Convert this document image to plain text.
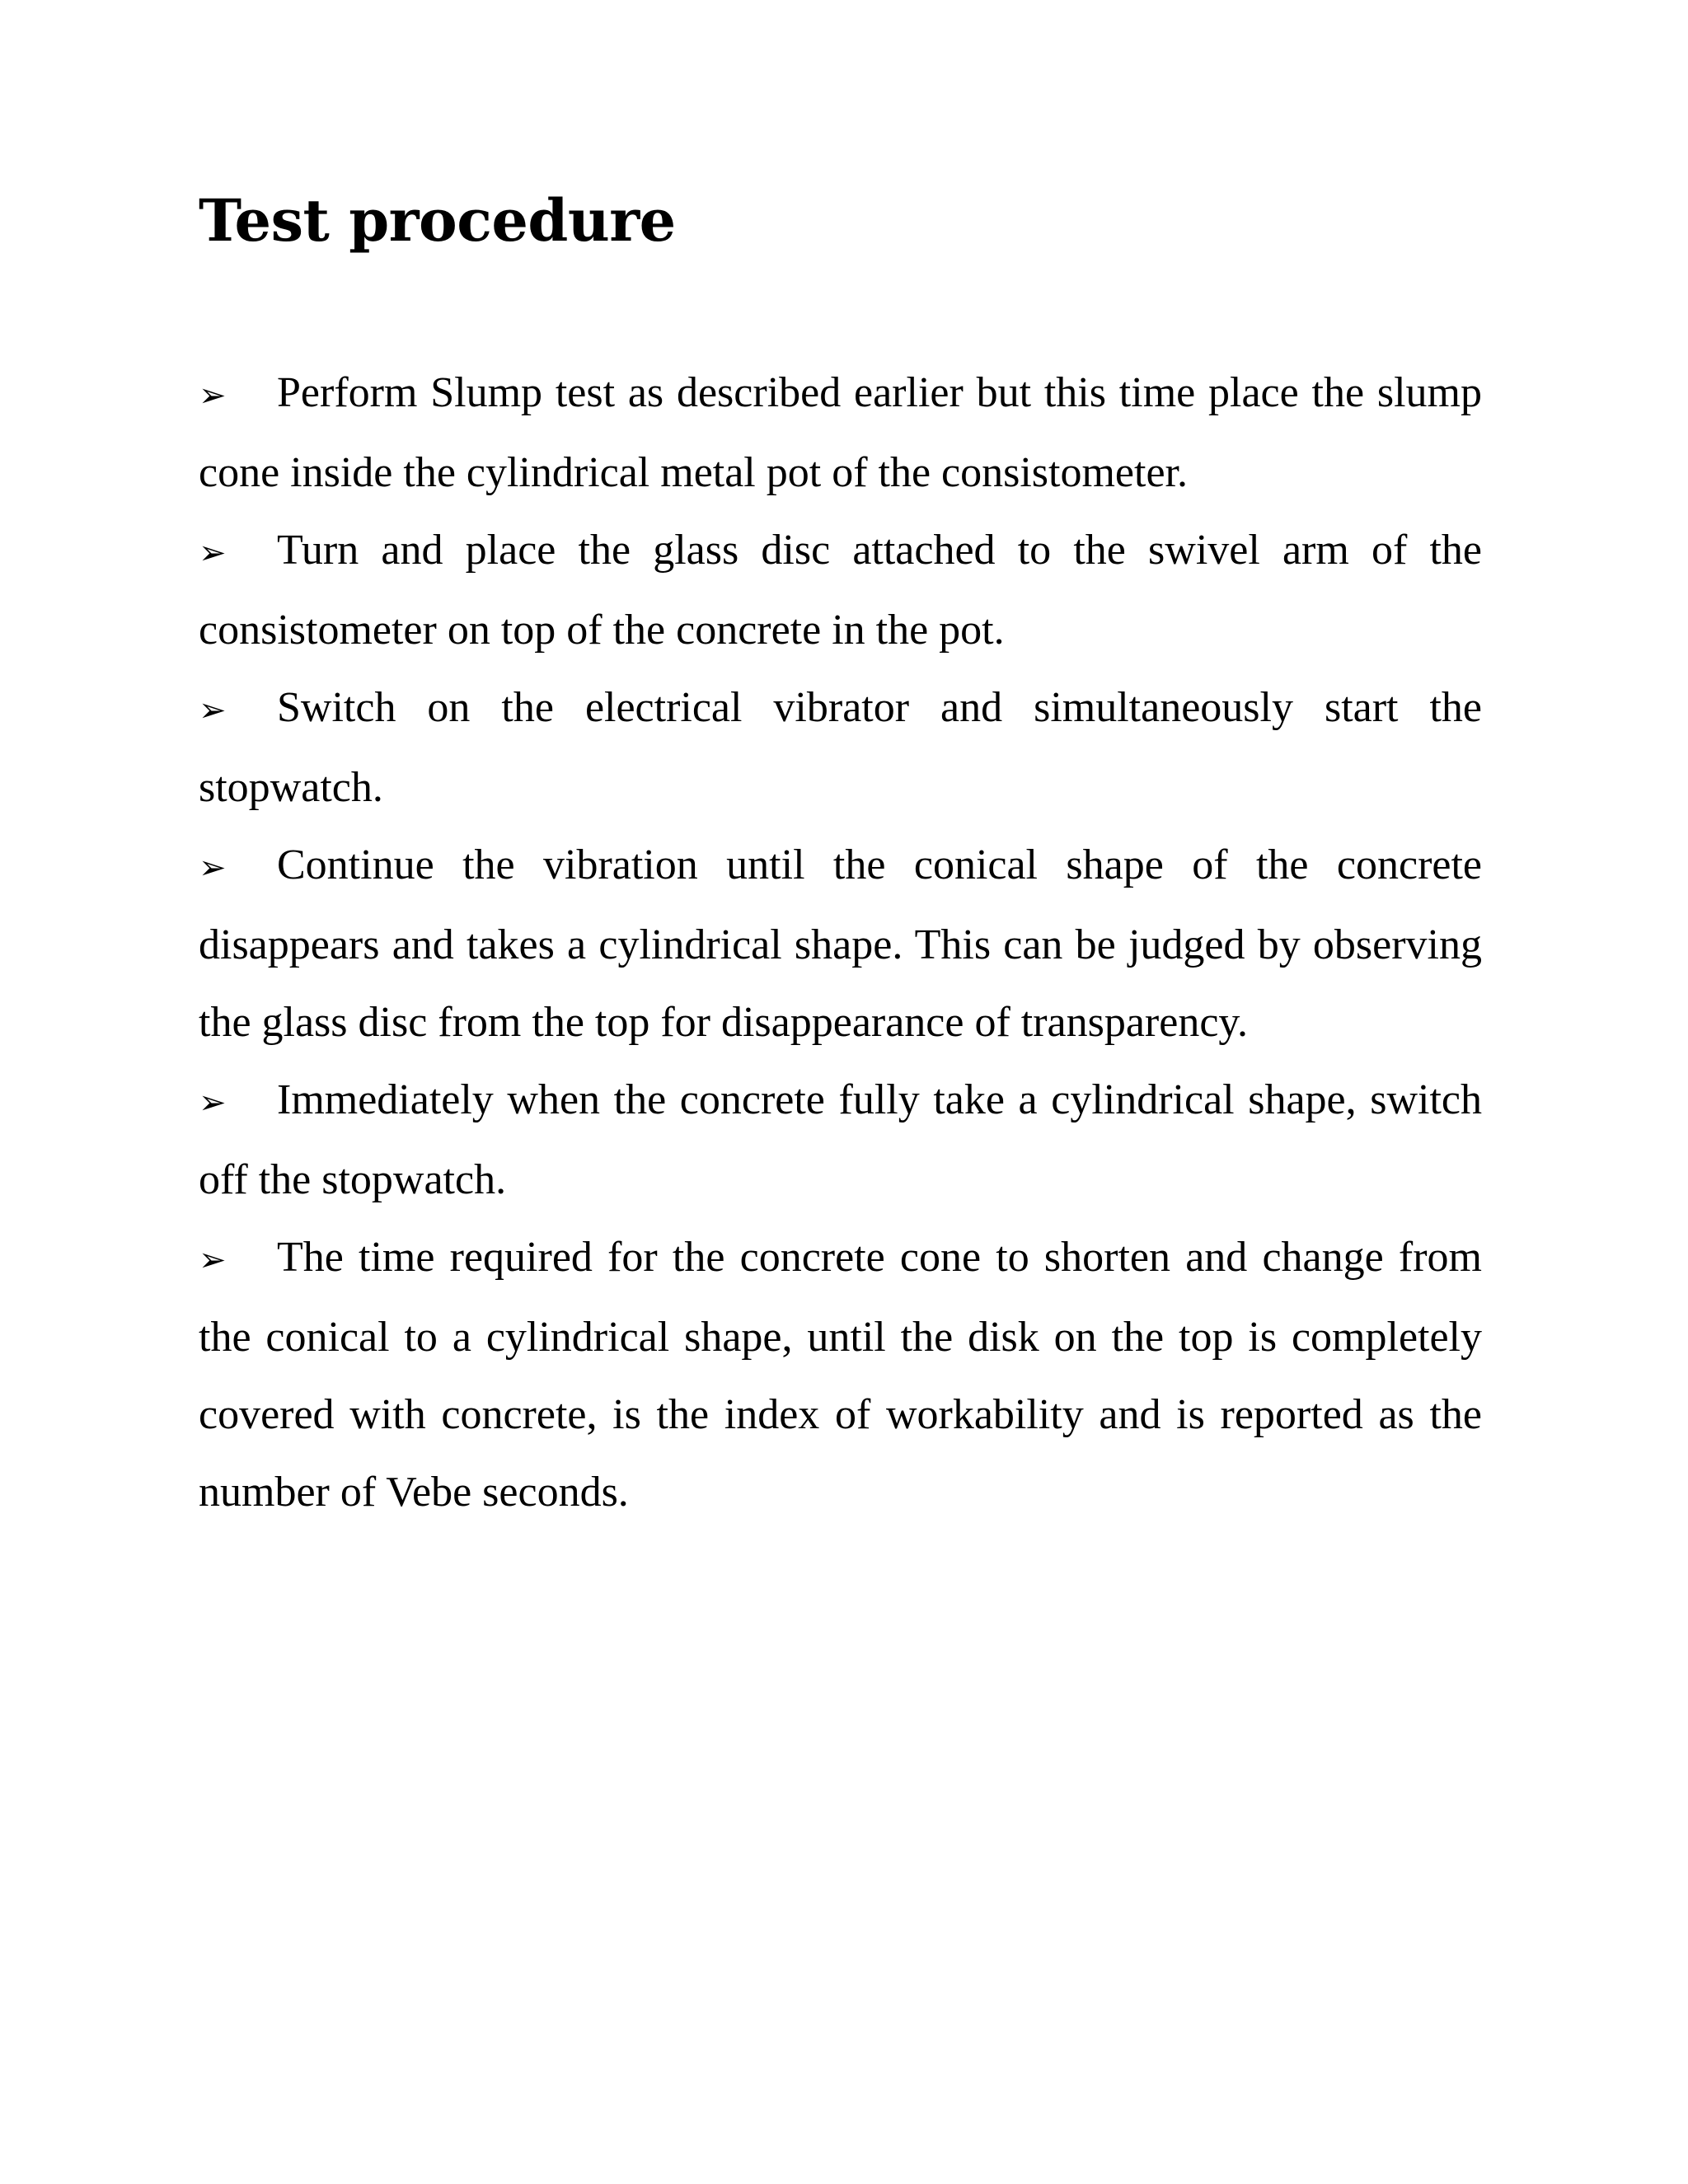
Test procedure
➢ Perform Slump test as described earlier but this time place the slump cone inside the cylindrical metal pot of the consistometer.
➢ Turn and place the glass disc attached to the swivel arm of the consistometer on top of the concrete in the pot.
➢ Switch on the electrical vibrator and simultaneously start the stopwatch.
➢ Continue the vibration until the conical shape of the concrete disappears and takes a cylindrical shape. This can be judged by observing the glass disc from the top for disappearance of transparency.
➢ Immediately when the concrete fully take a cylindrical shape, switch off the stopwatch.
➢ The time required for the concrete cone to shorten and change from the conical to a cylindrical shape, until the disk on the top is completely covered with concrete, is the index of workability and is reported as the number of Vebe seconds.
